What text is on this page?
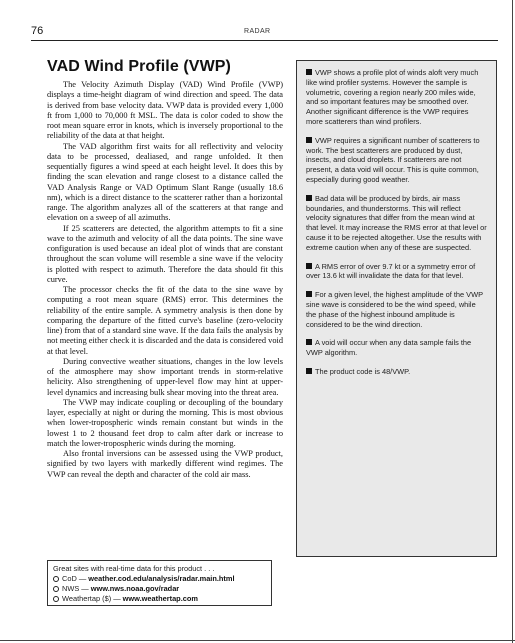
76	RADAR
VAD Wind Profile (VWP)

The Velocity Azimuth Display (VAD) Wind Profile (VWP) displays a time-height diagram of wind direction and speed. The data is derived from base velocity data. VWP data is provided every 1,000 ft from 1,000 to 70,000 ft MSL. The data is color coded to show the root mean square error in knots, which is inversely proportional to the reliability of the data at that height.

The VAD algorithm first waits for all reflectivity and velocity data to be processed, dealiased, and range unfolded. It then sequentially figures a wind speed at each height level. It does this by finding the scan elevation and range closest to a distance called the VAD Analysis Range or VAD Optimum Slant Range (usually 18.6 nm), which is a direct distance to the scatterer rather than a horizontal range. The algorithm analyzes all of the scatterers at that range and elevation on a sweep of all azimuths.

If 25 scatterers are detected, the algorithm attempts to fit a sine wave to the azimuth and velocity of all the data points. The sine wave configuration is used because an ideal plot of winds that are constant throughout the scan volume will resemble a sine wave if the velocity is plotted with respect to azimuth. Therefore the data should fit this curve.

The processor checks the fit of the data to the sine wave by computing a root mean square (RMS) error. This determines the reliability of the entire sample. A symmetry analysis is then done by comparing the departure of the fitted curve's baseline (zero-velocity line) from that of a standard sine wave. If the data fails the analysis by not meeting either check it is discarded and the data is considered void at that level.

During convective weather situations, changes in the low levels of the atmosphere may show important trends in storm-relative helicity. Also strengthening of upper-level flow may hint at upper-level dynamics and increasing bulk shear moving into the threat area.

The VWP may indicate coupling or decoupling of the boundary layer, especially at night or during the morning. This is most obvious when lower-tropospheric winds remain constant but winds in the lowest 1 to 2 thousand feet drop to calm after dark or increase to match the lower-tropospheric winds during the morning.

Also frontal inversions can be assessed using the VWP product, signified by two layers with markedly different wind regimes. The VWP can reveal the depth and character of the cold air mass.

VWP shows a profile plot of winds aloft very much like wind profiler systems. However the sample is volumetric, covering a region nearly 200 miles wide, and so important features may be smoothed over. Another significant difference is the VWP requires more scatterers than wind profilers.
VWP requires a significant number of scatterers to work. The best scatterers are produced by dust, insects, and cloud droplets. If scatterers are not present, a data void will occur. This is quite common, especially during good weather.
Bad data will be produced by birds, air mass boundaries, and thunderstorms. This will reflect velocity signatures that differ from the mean wind at that level. It may increase the RMS error at that level or cause it to be rejected altogether. Use the results with extreme caution when any of these are suspected.
A RMS error of over 9.7 kt or a symmetry error of over 13.6 kt will invalidate the data for that level.
For a given level, the highest amplitude of the VWP sine wave is considered to be the wind speed, while the phase of the highest inbound amplitude is considered to be the wind direction.
A void will occur when any data sample fails the VWP algorithm.
The product code is 48/VWP.
Great sites with real-time data for this product . . .
CoD — weather.cod.edu/analysis/radar.main.html
NWS — www.nws.noaa.gov/radar
Weathertap ($) — www.weathertap.com
